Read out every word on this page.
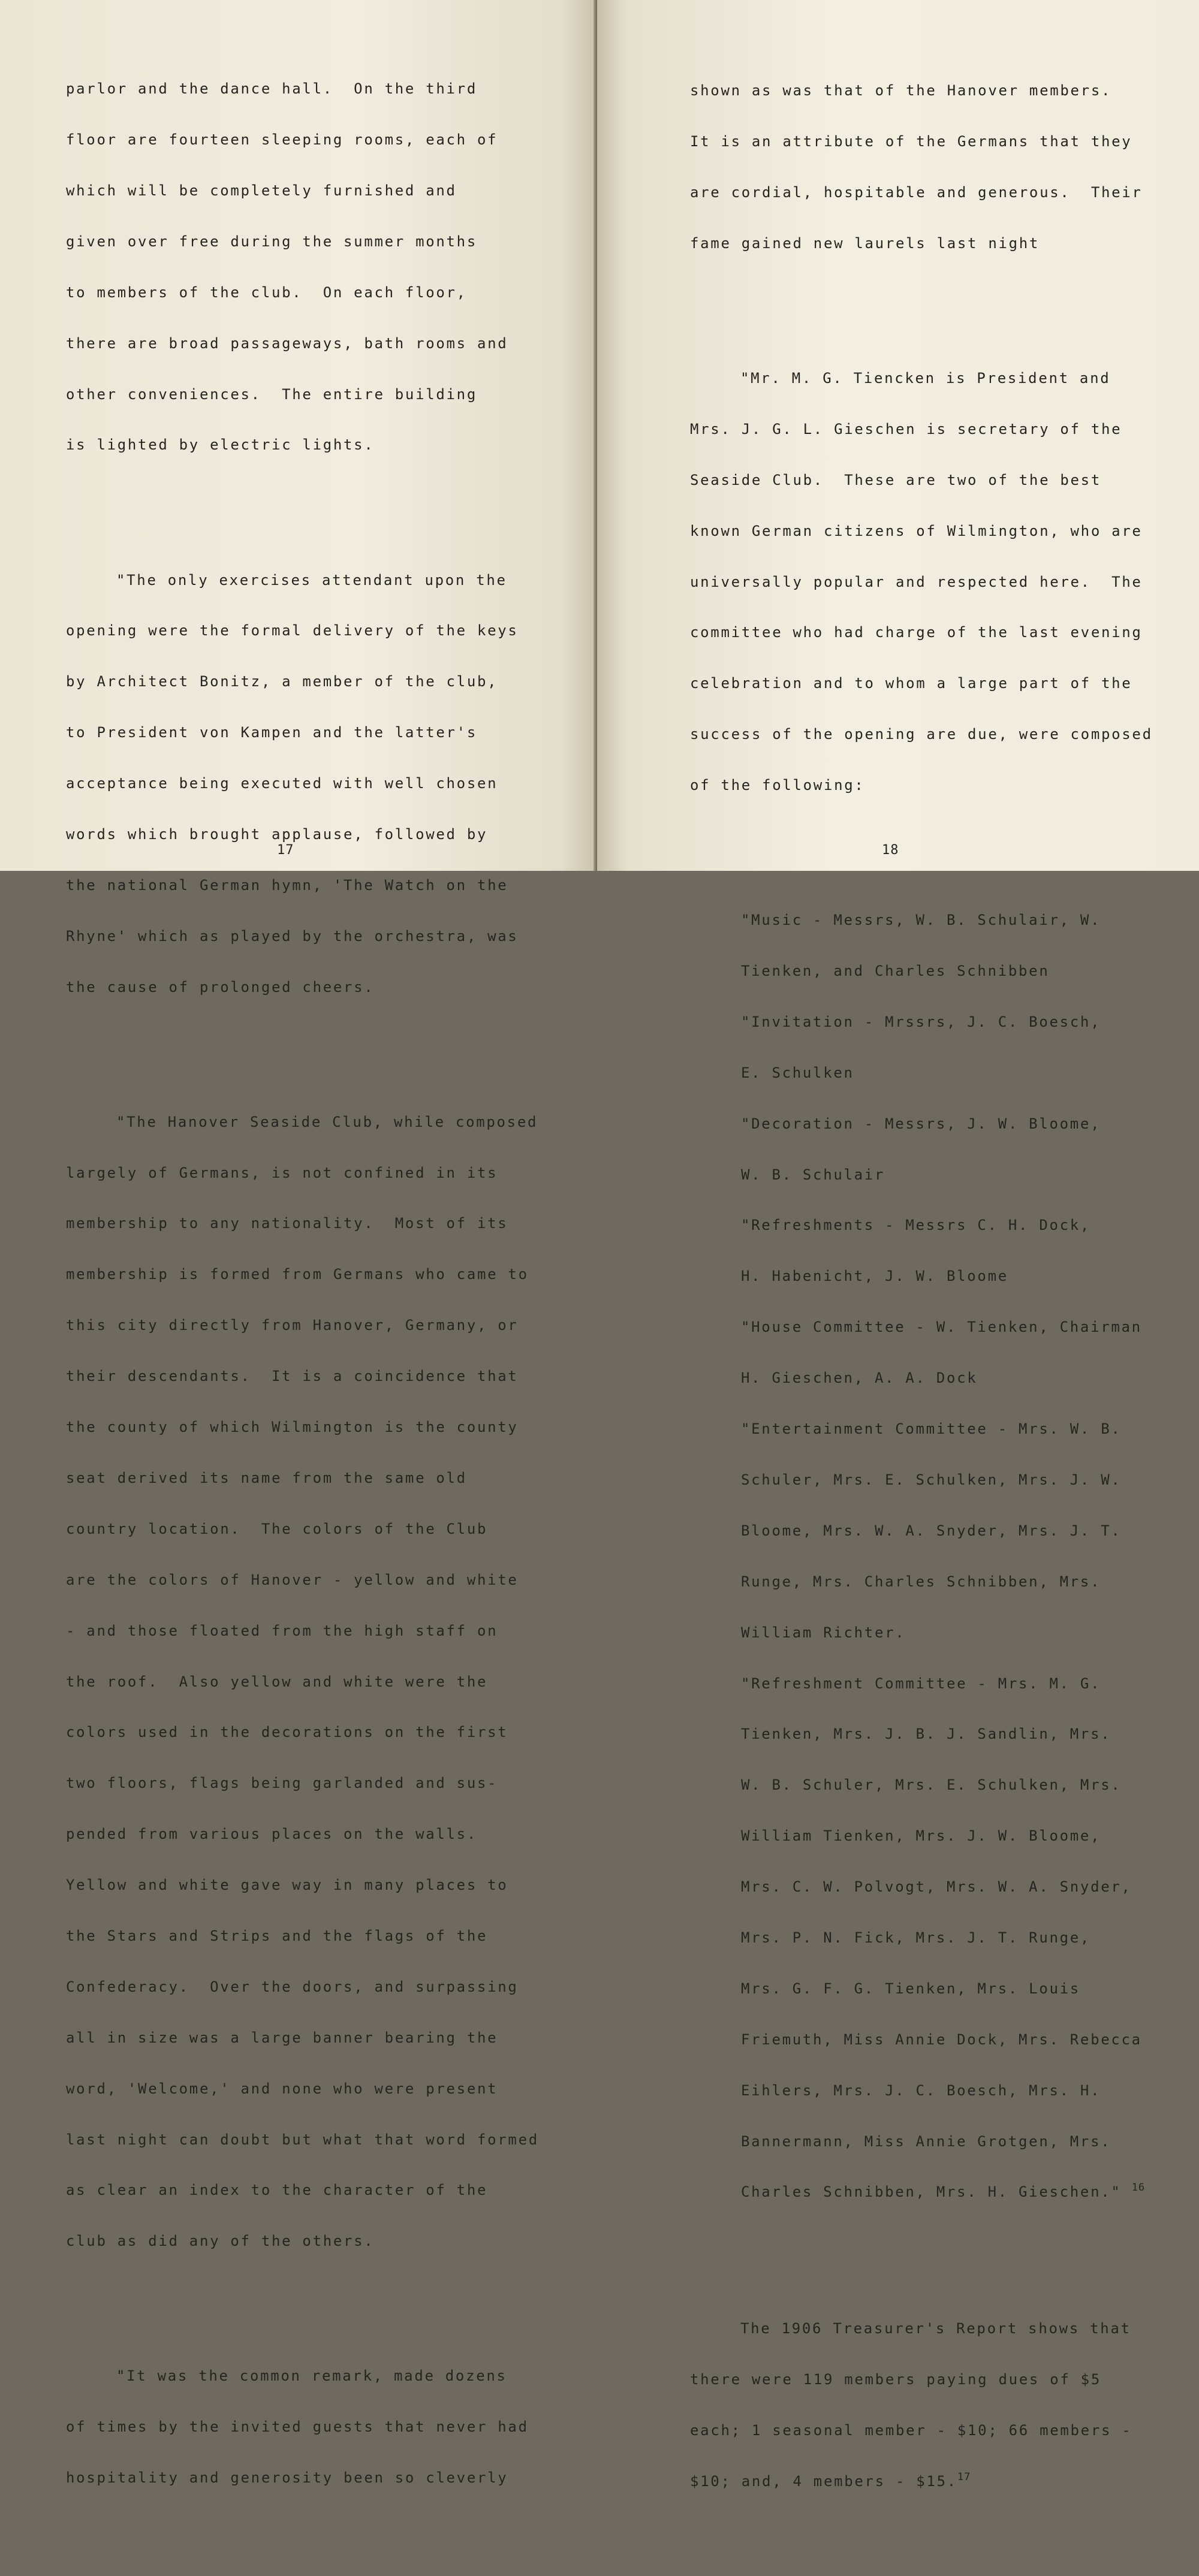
parlor and the dance hall.  On the third

floor are fourteen sleeping rooms, each of

which will be completely furnished and

given over free during the summer months

to members of the club.  On each floor,

there are broad passageways, bath rooms and

other conveniences.  The entire building

is lighted by electric lights.

"The only exercises attendant upon the

opening were the formal delivery of the keys

by Architect Bonitz, a member of the club,

to President von Kampen and the latter's

acceptance being executed with well chosen

words which brought applause, followed by

the national German hymn, 'The Watch on the

Rhyne' which as played by the orchestra, was

the cause of prolonged cheers.

"The Hanover Seaside Club, while composed

largely of Germans, is not confined in its

membership to any nationality.  Most of its

membership is formed from Germans who came to

this city directly from Hanover, Germany, or

their descendants.  It is a coincidence that

the county of which Wilmington is the county

seat derived its name from the same old

country location.  The colors of the Club

are the colors of Hanover - yellow and white

- and those floated from the high staff on

the roof.  Also yellow and white were the

colors used in the decorations on the first

two floors, flags being garlanded and sus-

pended from various places on the walls.

Yellow and white gave way in many places to

the Stars and Strips and the flags of the

Confederacy.  Over the doors, and surpassing

all in size was a large banner bearing the

word, 'Welcome,' and none who were present

last night can doubt but what that word formed

as clear an index to the character of the

club as did any of the others.

"It was the common remark, made dozens

of times by the invited guests that never had

hospitality and generosity been so cleverly

17

shown as was that of the Hanover members.

It is an attribute of the Germans that they

are cordial, hospitable and generous.  Their

fame gained new laurels last night

"Mr. M. G. Tiencken is President and

Mrs. J. G. L. Gieschen is secretary of the

Seaside Club.  These are two of the best

known German citizens of Wilmington, who are

universally popular and respected here.  The

committee who had charge of the last evening

celebration and to whom a large part of the

success of the opening are due, were composed

of the following:

"Music - Messrs, W. B. Schulair, W.

Tienken, and Charles Schnibben

"Invitation - Mrssrs, J. C. Boesch,

E. Schulken

"Decoration - Messrs, J. W. Bloome,

W. B. Schulair

"Refreshments - Messrs C. H. Dock,

H. Habenicht, J. W. Bloome

"House Committee - W. Tienken, Chairman

H. Gieschen, A. A. Dock

"Entertainment Committee - Mrs. W. B.

Schuler, Mrs. E. Schulken, Mrs. J. W.

Bloome, Mrs. W. A. Snyder, Mrs. J. T.

Runge, Mrs. Charles Schnibben, Mrs.

William Richter.

"Refreshment Committee - Mrs. M. G.

Tienken, Mrs. J. B. J. Sandlin, Mrs.

W. B. Schuler, Mrs. E. Schulken, Mrs.

William Tienken, Mrs. J. W. Bloome,

Mrs. C. W. Polvogt, Mrs. W. A. Snyder,

Mrs. P. N. Fick, Mrs. J. T. Runge,

Mrs. G. F. G. Tienken, Mrs. Louis

Friemuth, Miss Annie Dock, Mrs. Rebecca

Eihlers, Mrs. J. C. Boesch, Mrs. H.

Bannermann, Miss Annie Grotgen, Mrs.

Charles Schnibben, Mrs. H. Gieschen." $^{16}$

The 1906 Treasurer's Report shows that

there were 119 members paying dues of $5

each; 1 seasonal member - $10; 66 members -

$10; and, 4 members - $15.17

18
